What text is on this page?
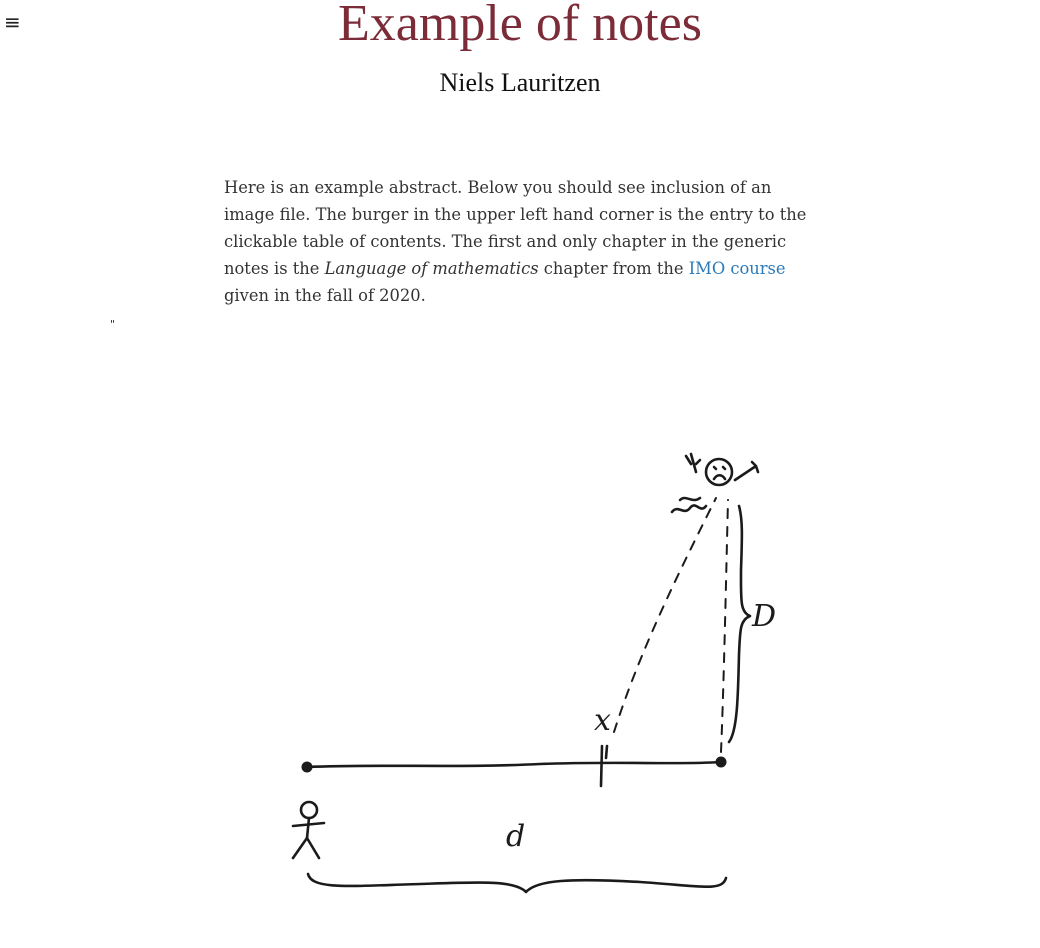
≡	Example of notes
Niels Lauritzen

Here is an example abstract. Below you should see inclusion of an image file. The burger in the upper left hand corner is the entry to the clickable table of contents. The first and only chapter in the generic notes is the Language of mathematics chapter from the IMO course given in the fall of 2020.

"
D
x
d
